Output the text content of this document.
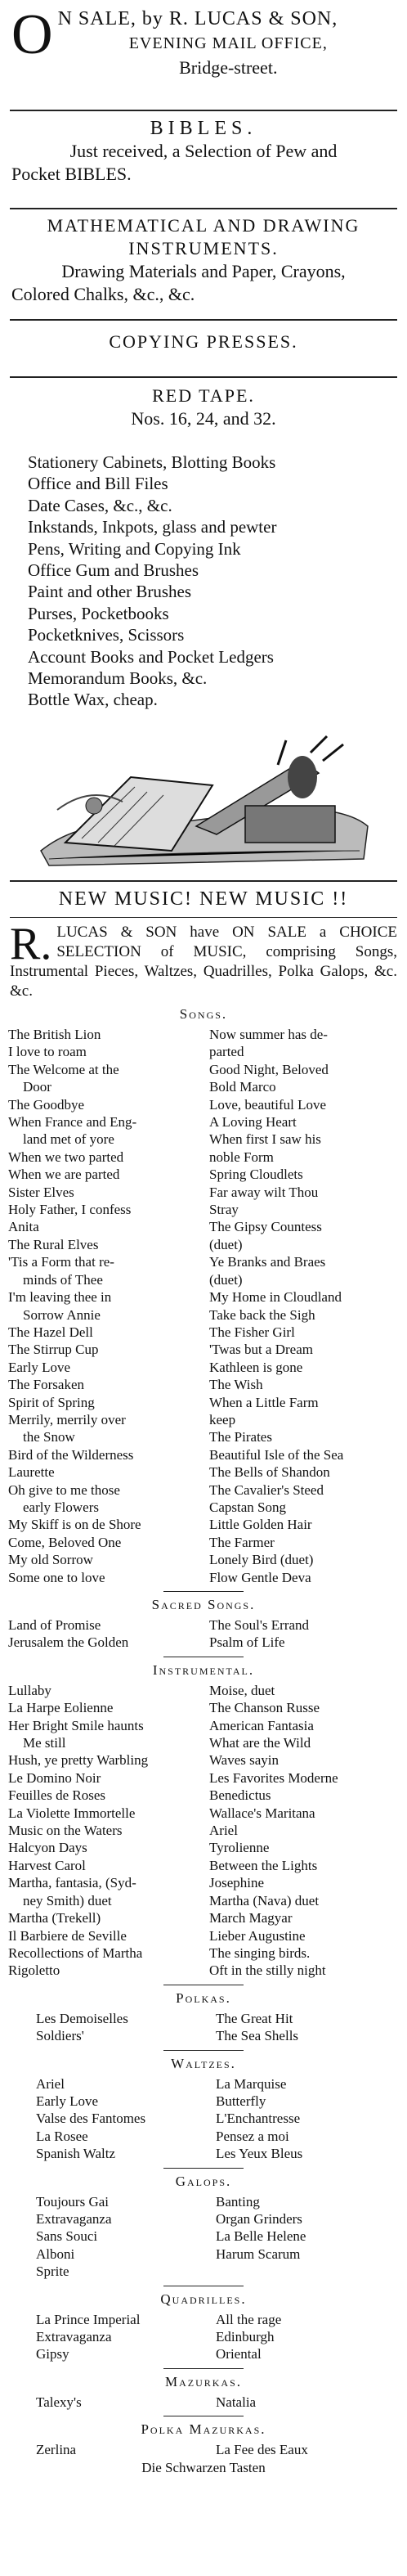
O N SALE, by R. LUCAS & SON,
EVENING MAIL OFFICE,
Bridge-street.
BIBLES.
Just received, a Selection of Pew and
Pocket BIBLES.
MATHEMATICAL AND DRAWING
INSTRUMENTS.
Drawing Materials and Paper, Crayons,
Colored Chalks, &c., &c.
COPYING PRESSES.
RED TAPE.
Nos. 16, 24, and 32.
Stationery Cabinets, Blotting Books
Office and Bill Files
Date Cases, &c., &c.
Inkstands, Inkpots, glass and pewter
Pens, Writing and Copying Ink
Office Gum and Brushes
Paint and other Brushes
Purses, Pocketbooks
Pocketknives, Scissors
Account Books and Pocket Ledgers
Memorandum Books, &c.
Bottle Wax, cheap.
NEW MUSIC! NEW MUSIC !!
R. LUCAS & SON have ON SALE a CHOICE SELECTION of MUSIC, comprising Songs, Instrumental Pieces, Waltzes, Quadrilles, Polka Galops, &c. &c.
Songs.
The British Lion
I love to roam
The Welcome at the
Door
The Goodbye
When France and Eng-
land met of yore
When we two parted
When we are parted
Sister Elves
Holy Father, I confess
Anita
The Rural Elves
'Tis a Form that re-
minds of Thee
I'm leaving thee in
Sorrow Annie
The Hazel Dell
The Stirrup Cup
Early Love
The Forsaken
Spirit of Spring
Merrily, merrily over
the Snow
Bird of the Wilderness
Laurette
Oh give to me those
early Flowers
My Skiff is on de Shore
Come, Beloved One
My old Sorrow
Some one to love
Now summer has de-
parted
Good Night, Beloved
Bold Marco
Love, beautiful Love
A Loving Heart
When first I saw his
noble Form
Spring Cloudlets
Far away wilt Thou
Stray
The Gipsy Countess
(duet)
Ye Branks and Braes
(duet)
My Home in Cloudland
Take back the Sigh
The Fisher Girl
'Twas but a Dream
Kathleen is gone
The Wish
When a Little Farm
keep
The Pirates
Beautiful Isle of the Sea
The Bells of Shandon
The Cavalier's Steed
Capstan Song
Little Golden Hair
The Farmer
Lonely Bird (duet)
Flow Gentle Deva
Sacred Songs.
Land of Promise
Jerusalem the Golden
The Soul's Errand
Psalm of Life
Instrumental.
Lullaby
La Harpe Eolienne
Her Bright Smile haunts
Me still
Hush, ye pretty Warbling
Le Domino Noir
Feuilles de Roses
La Violette Immortelle
Music on the Waters
Halcyon Days
Harvest Carol
Martha, fantasia, (Syd-
ney Smith) duet
Martha (Trekell)
Il Barbiere de Seville
Recollections of Martha
Rigoletto
Moise, duet
The Chanson Russe
American Fantasia
What are the Wild
Waves sayin
Les Favorites Moderne
Benedictus
Wallace's Maritana
Ariel
Tyrolienne
Between the Lights
Josephine
Martha (Nava) duet
March Magyar
Lieber Augustine
The singing birds.
Oft in the stilly night
Polkas.
Les Demoiselles
Soldiers'
The Great Hit
The Sea Shells
Waltzes.
Ariel
Early Love
Valse des Fantomes
La Rosee
Spanish Waltz
La Marquise
Butterfly
L'Enchantresse
Pensez a moi
Les Yeux Bleus
Galops.
Toujours Gai
Extravaganza
Sans Souci
Alboni
Sprite
Banting
Organ Grinders
La Belle Helene
Harum Scarum
Quadrilles.
La Prince Imperial
Extravaganza
Gipsy
All the rage
Edinburgh
Oriental
Mazurkas.
Talexy's	Natalia
Polka Mazurkas.
Zerlina	La Fee des Eaux
Die Schwarzen Tasten
